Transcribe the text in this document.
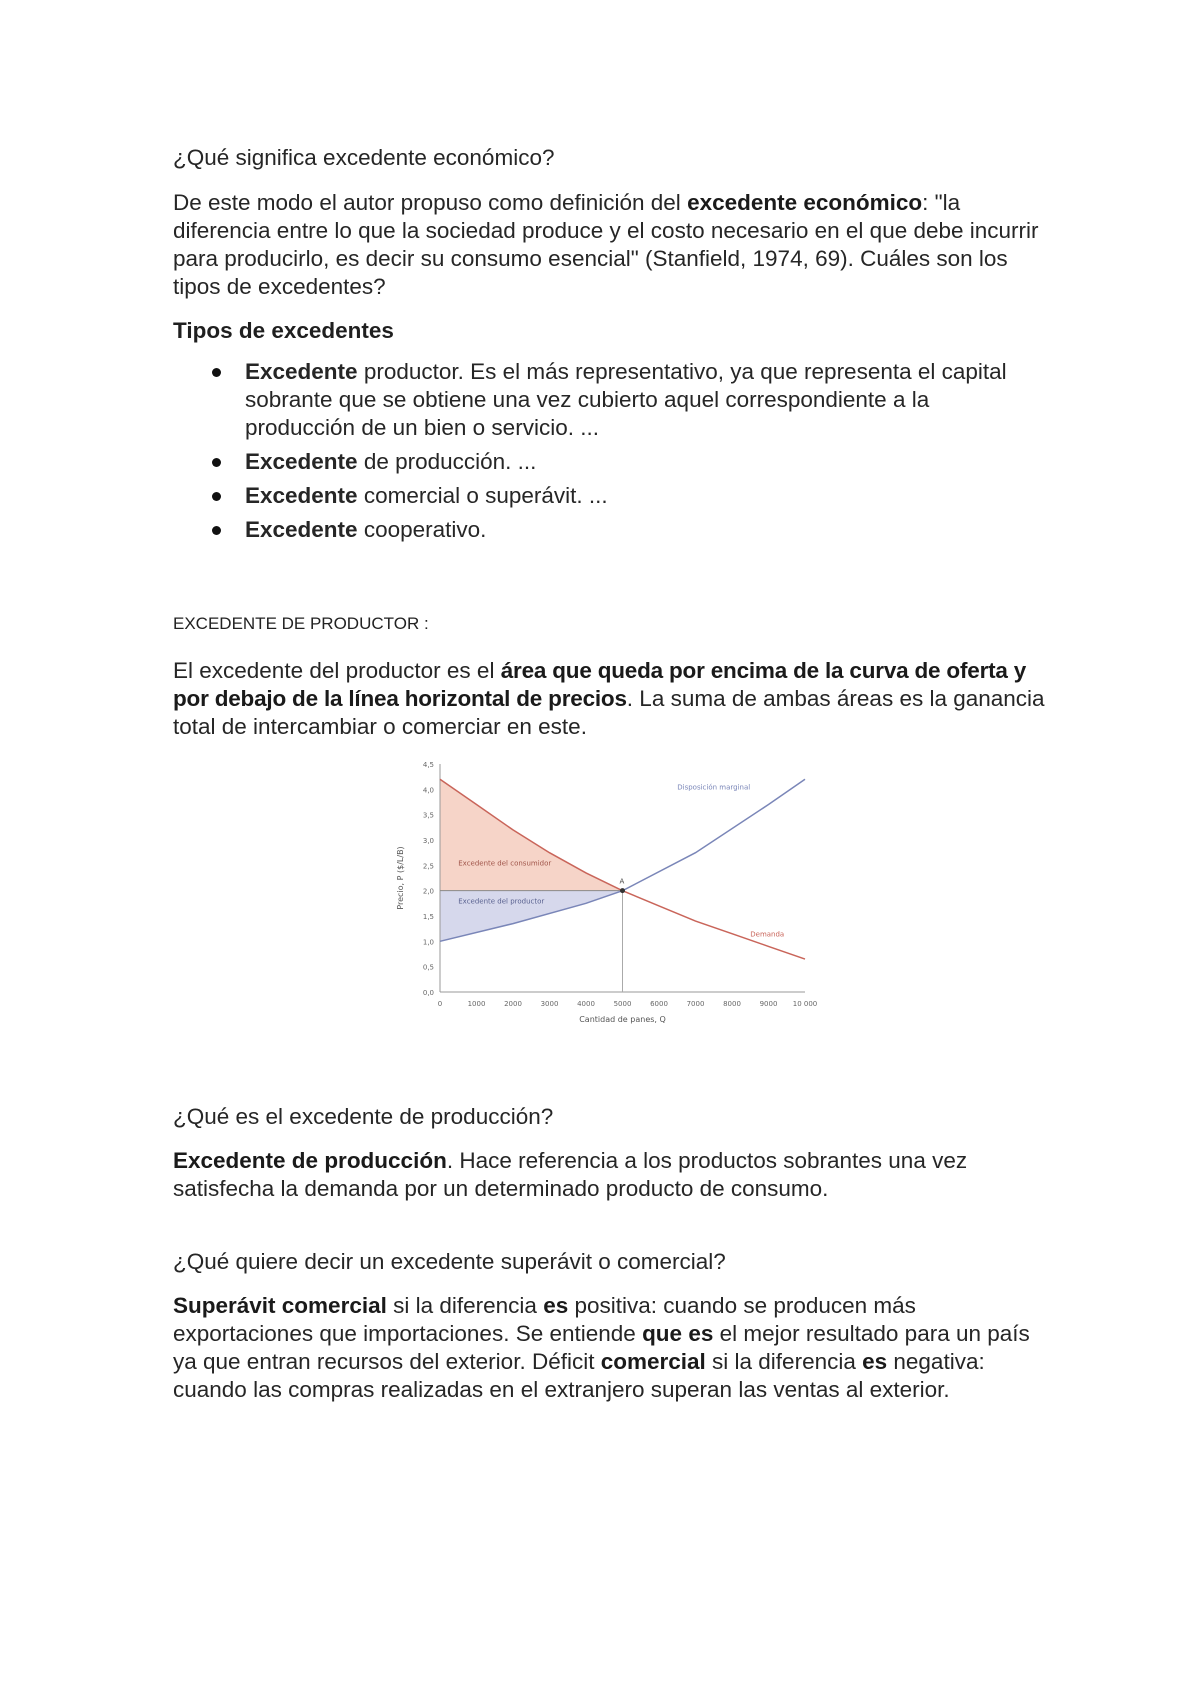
¿Qué significa excedente económico?

De este modo el autor propuso como definición del excedente económico: "la diferencia entre lo que la sociedad produce y el costo necesario en el que debe incurrir para producirlo, es decir su consumo esencial" (Stanfield, 1974, 69). Cuáles son los tipos de excedentes?

Tipos de excedentes
Excedente productor. Es el más representativo, ya que representa el capital sobrante que se obtiene una vez cubierto aquel correspondiente a la producción de un bien o servicio. ...
Excedente de producción. ...
Excedente comercial o superávit. ...
Excedente cooperativo.
EXCEDENTE DE PRODUCTOR :

El excedente del productor es el área que queda por encima de la curva de oferta y por debajo de la línea horizontal de precios. La suma de ambas áreas es la ganancia total de intercambiar o comerciar en este.

0,0
0,5
1,0
1,5
2,0
2,5
3,0
3,5
4,0
4,5
0	1000	2000	3000	4000	5000	6000	7000	8000	9000 10 000
A
Disposición marginal
Demanda
Excedente del consumidor
Excedente del productor
Cantidad de panes, Q
Precio, P ($/L/B)

¿Qué es el excedente de producción?

Excedente de producción. Hace referencia a los productos sobrantes una vez satisfecha la demanda por un determinado producto de consumo.

¿Qué quiere decir un excedente superávit o comercial?

Superávit comercial si la diferencia es positiva: cuando se producen más exportaciones que importaciones. Se entiende que es el mejor resultado para un país ya que entran recursos del exterior. Déficit comercial si la diferencia es negativa: cuando las compras realizadas en el extranjero superan las ventas al exterior.
